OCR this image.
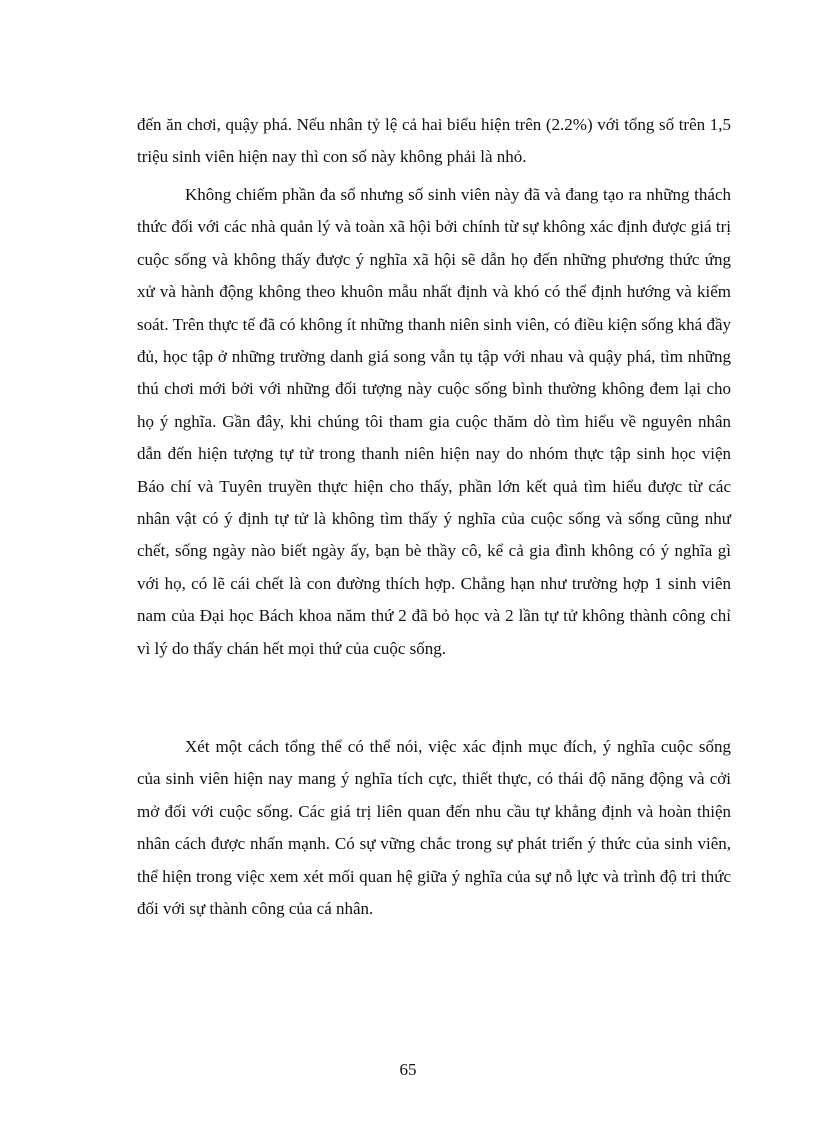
đến ăn chơi, quậy phá. Nếu nhân tỷ lệ cả hai biểu hiện trên (2.2%) với tổng số trên 1,5 triệu sinh viên hiện nay thì con số này không phải là nhỏ.

Không chiếm phần đa số nhưng số sinh viên này đã và đang tạo ra những thách thức đối với các nhà quản lý và toàn xã hội bởi chính từ sự không xác định được giá trị cuộc sống và không thấy được ý nghĩa xã hội sẽ dẫn họ đến những phương thức ứng xử và hành động không theo khuôn mẫu nhất định và khó có thể định hướng và kiểm soát. Trên thực tế đã có không ít những thanh niên sinh viên, có điều kiện sống khá đầy đủ, học tập ở những trường danh giá song vẫn tụ tập với nhau và quậy phá, tìm những thú chơi mới bởi với những đối tượng này cuộc sống bình thường không đem lại cho họ ý nghĩa. Gần đây, khi chúng tôi tham gia cuộc thăm dò tìm hiểu về nguyên nhân dẫn đến hiện tượng tự tử trong thanh niên hiện nay do nhóm thực tập sinh học viện Báo chí và Tuyên truyền thực hiện cho thấy, phần lớn kết quả tìm hiểu được từ các nhân vật có ý định tự tử là không tìm thấy ý nghĩa của cuộc sống và sống cũng như chết, sống ngày nào biết ngày ấy, bạn bè thầy cô, kể cả gia đình không có ý nghĩa gì với họ, có lẽ cái chết là con đường thích hợp. Chẳng hạn như trường hợp 1 sinh viên nam của Đại học Bách khoa năm thứ 2 đã bỏ học và 2 lần tự tử không thành công chỉ vì lý do thấy chán hết mọi thứ của cuộc sống.

Xét một cách tổng thể có thể nói, việc xác định mục đích, ý nghĩa cuộc sống của sinh viên hiện nay mang ý nghĩa tích cực, thiết thực, có thái độ năng động và cởi mở đối với cuộc sống. Các giá trị liên quan đến nhu cầu tự khẳng định và hoàn thiện nhân cách được nhấn mạnh. Có sự vững chắc trong sự phát triển ý thức của sinh viên, thể hiện trong việc xem xét mối quan hệ giữa ý nghĩa của sự nỗ lực và trình độ tri thức đối với sự thành công của cá nhân.

65
